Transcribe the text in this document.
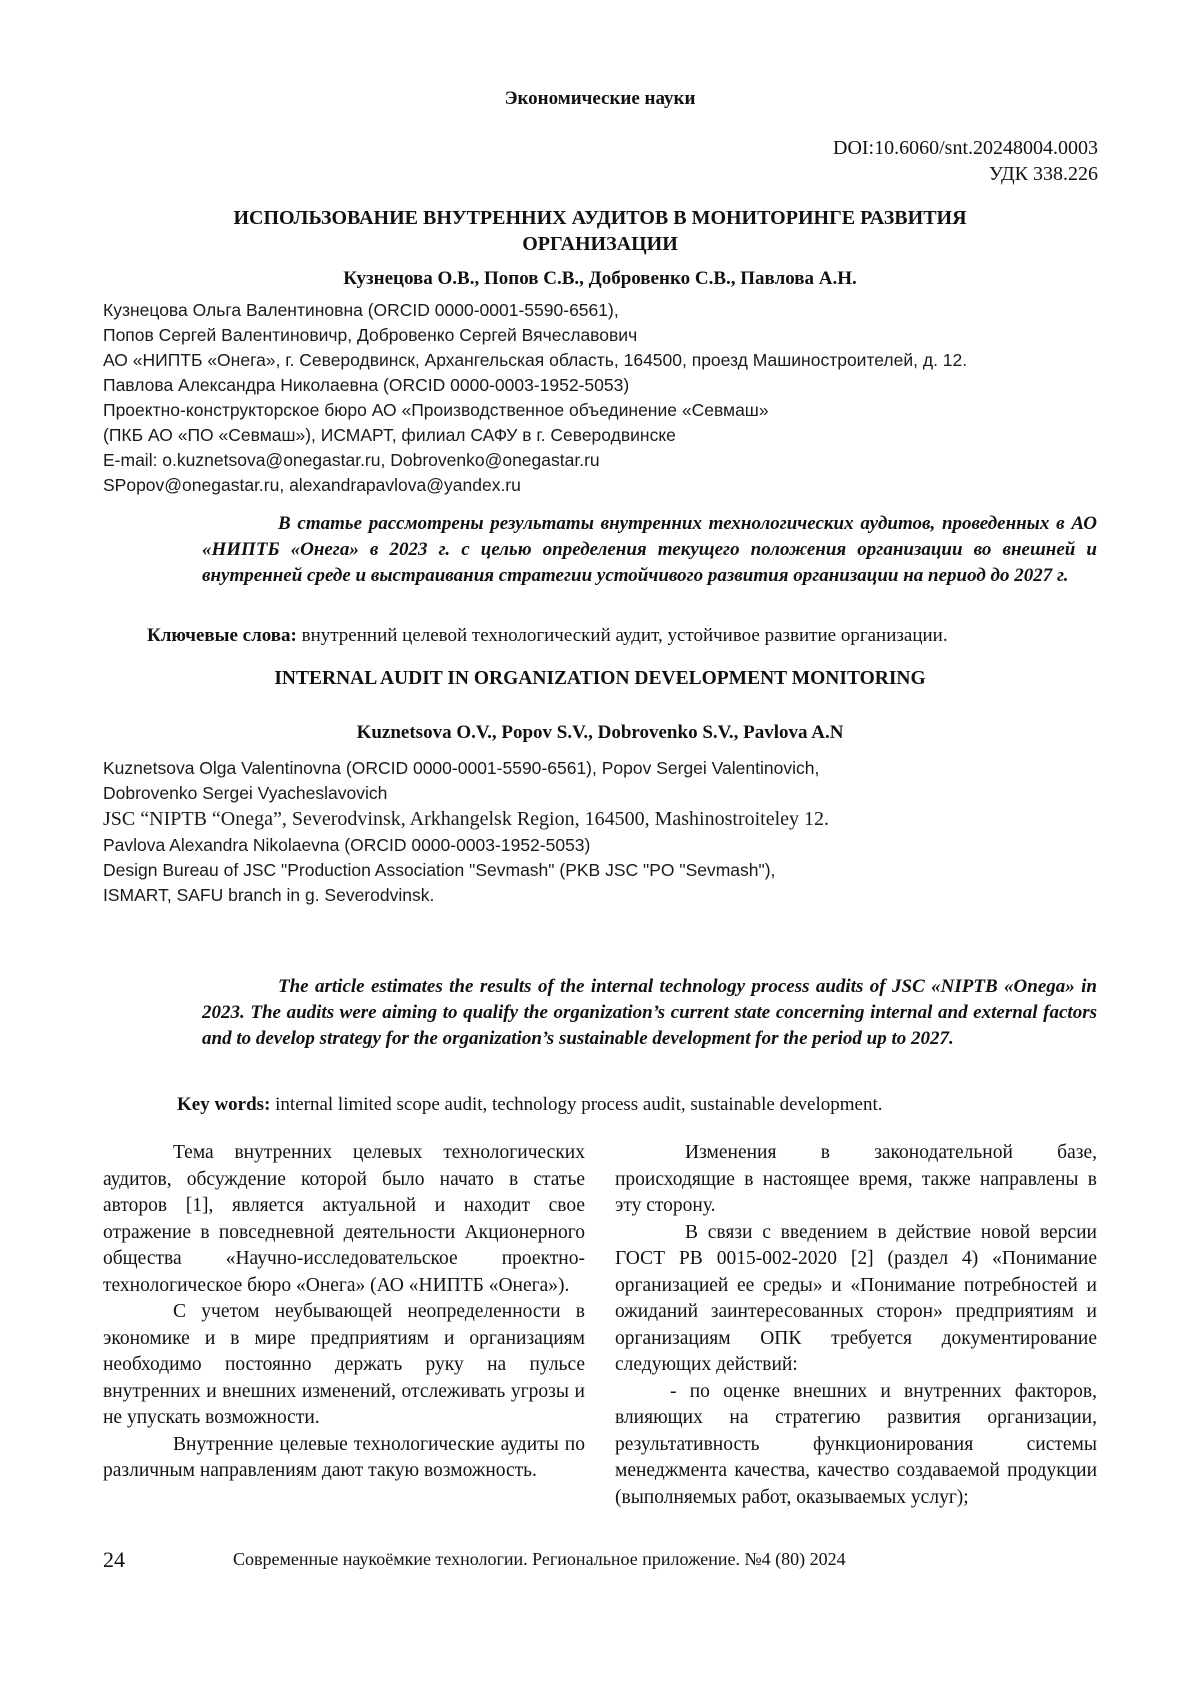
Экономические науки
DOI:10.6060/snt.20248004.0003
УДК 338.226
ИСПОЛЬЗОВАНИЕ ВНУТРЕННИХ АУДИТОВ В МОНИТОРИНГЕ РАЗВИТИЯ
ОРГАНИЗАЦИИ
Кузнецова О.В., Попов С.В., Добровенко С.В., Павлова А.Н.
Кузнецова Ольга Валентиновна (ORCID 0000-0001-5590-6561),
Попов Сергей Валентиновичр, Добровенко Сергей Вячеславович
АО «НИПТБ «Онега», г. Северодвинск, Архангельская область, 164500, проезд Машиностроителей, д. 12.
Павлова Александра Николаевна (ORCID 0000-0003-1952-5053)
Проектно-конструкторское бюро АО «Производственное объединение «Севмаш»
(ПКБ АО «ПО «Севмаш»), ИСМАРТ, филиал САФУ в г. Северодвинске
E-mail: o.kuznetsova@onegastar.ru, Dobrovenko@onegastar.ru
SPopov@onegastar.ru, alexandrapavlova@yandex.ru
В статье рассмотрены результаты внутренних технологических аудитов, проведенных в АО «НИПТБ «Онега» в 2023 г. с целью определения текущего положения организации во внешней и внутренней среде и выстраивания стратегии устойчивого развития организации на период до 2027 г.
Ключевые слова: внутренний целевой технологический аудит, устойчивое развитие организации.
INTERNAL AUDIT IN ORGANIZATION DEVELOPMENT MONITORING
Kuznetsova O.V., Popov S.V., Dobrovenko S.V., Pavlova A.N
Kuznetsova Olga Valentinovna (ORCID 0000-0001-5590-6561), Popov Sergei Valentinovich,
Dobrovenko Sergei Vyacheslavovich
JSC “NIPTB “Onega”, Severodvinsk, Arkhangelsk Region, 164500, Mashinostroiteley 12.
Pavlova Alexandra Nikolaevna (ORCID 0000-0003-1952-5053)
Design Bureau of JSC "Production Association "Sevmash" (PKB JSC "PO "Sevmash"),
ISMART, SAFU branch in g. Severodvinsk.
The article estimates the results of the internal technology process audits of JSC «NIPTB «Onega» in 2023. The audits were aiming to qualify the organization’s current state concerning internal and external factors and to develop strategy for the organization’s sustainable development for the period up to 2027.
Key words: internal limited scope audit, technology process audit, sustainable development.

Тема внутренних целевых технологических аудитов, обсуждение которой было начато в статье авторов [1], является актуальной и находит свое отражение в повседневной деятельности Акционерного общества «Научно-исследовательское проектно-технологическое бюро «Онега» (АО «НИПТБ «Онега»).

С учетом неубывающей неопределенности в экономике и в мире предприятиям и организациям необходимо постоянно держать руку на пульсе внутренних и внешних изменений, отслеживать угрозы и не упускать возможности.

Внутренние целевые технологические аудиты по различным направлениям дают такую возможность.

Изменения в законодательной базе, происходящие в настоящее время, также направлены в эту сторону.

В связи с введением в действие новой версии ГОСТ РВ 0015-002-2020 [2] (раздел 4) «Понимание организацией ее среды» и «Понимание потребностей и ожиданий заинтересованных сторон» предприятиям и организациям ОПК требуется документирование следующих действий:

- по оценке внешних и внутренних факторов, влияющих на стратегию развития организации, результативность функционирования системы менеджмента качества, качество создаваемой продукции (выполняемых работ, оказываемых услуг);

24	Современные наукоёмкие технологии. Региональное приложение. №4 (80) 2024
